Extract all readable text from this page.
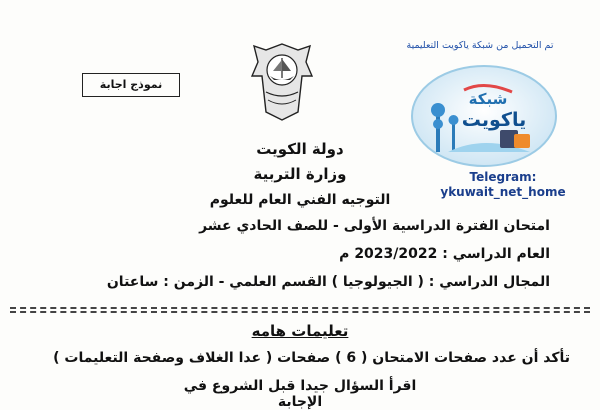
تم التحميل من شبكة ياكويت التعليمية
نموذج اجابة
شبكة
ياكويت
Telegram:
ykuwait_net_home
دولة الكويت
وزارة التربية
التوجيه الفني العام للعلوم
امتحان الفترة الدراسية الأولى - للصف الحادي عشر
العام الدراسي : 2023/2022 م
المجال الدراسي : ( الجيولوجيا ) القسم العلمي - الزمن : ساعتان
تعليمات هامه
تأكد أن عدد صفحات الامتحان ( 6 ) صفحات ( عدا الغلاف وصفحة التعليمات )
اقرأ السؤال جيدا قبل الشروع في الإجابة
